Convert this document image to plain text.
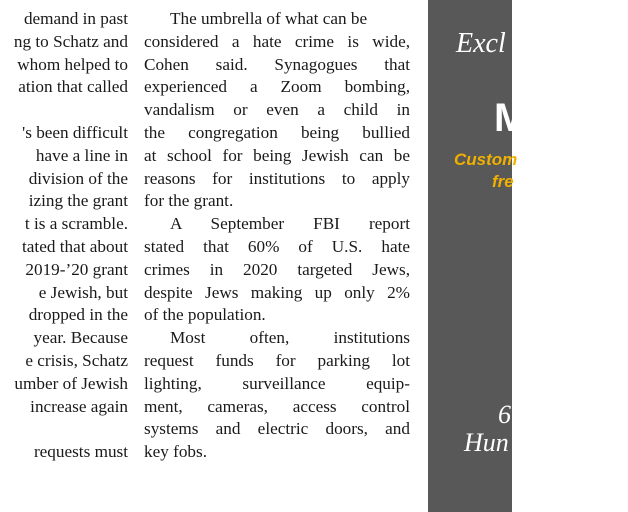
demand in past
ng to Schatz and
whom helped to
ation that called
's been difficult
have a line in
division of the
izing the grant
t is a scramble.
tated that about
2019-’20 grant
e Jewish, but
dropped in the
year. Because
e crisis, Schatz
umber of Jewish
increase again
requests must
The umbrella of what can be
considered a hate crime is wide,
Cohen said. Synagogues that
experienced a Zoom bombing,
vandalism or even a child in
the congregation being bullied
at school for being Jewish can be
reasons for institutions to apply
for the grant.
A September FBI report
stated that 60% of U.S. hate
crimes in 2020 targeted Jews,
despite Jews making up only 2%
of the population.
Most often, institutions
request funds for parking lot
lighting, surveillance equip-
ment, cameras, access control
systems and electric doors, and
key fobs.
Excl
M
Custom
fre
6
Hun
